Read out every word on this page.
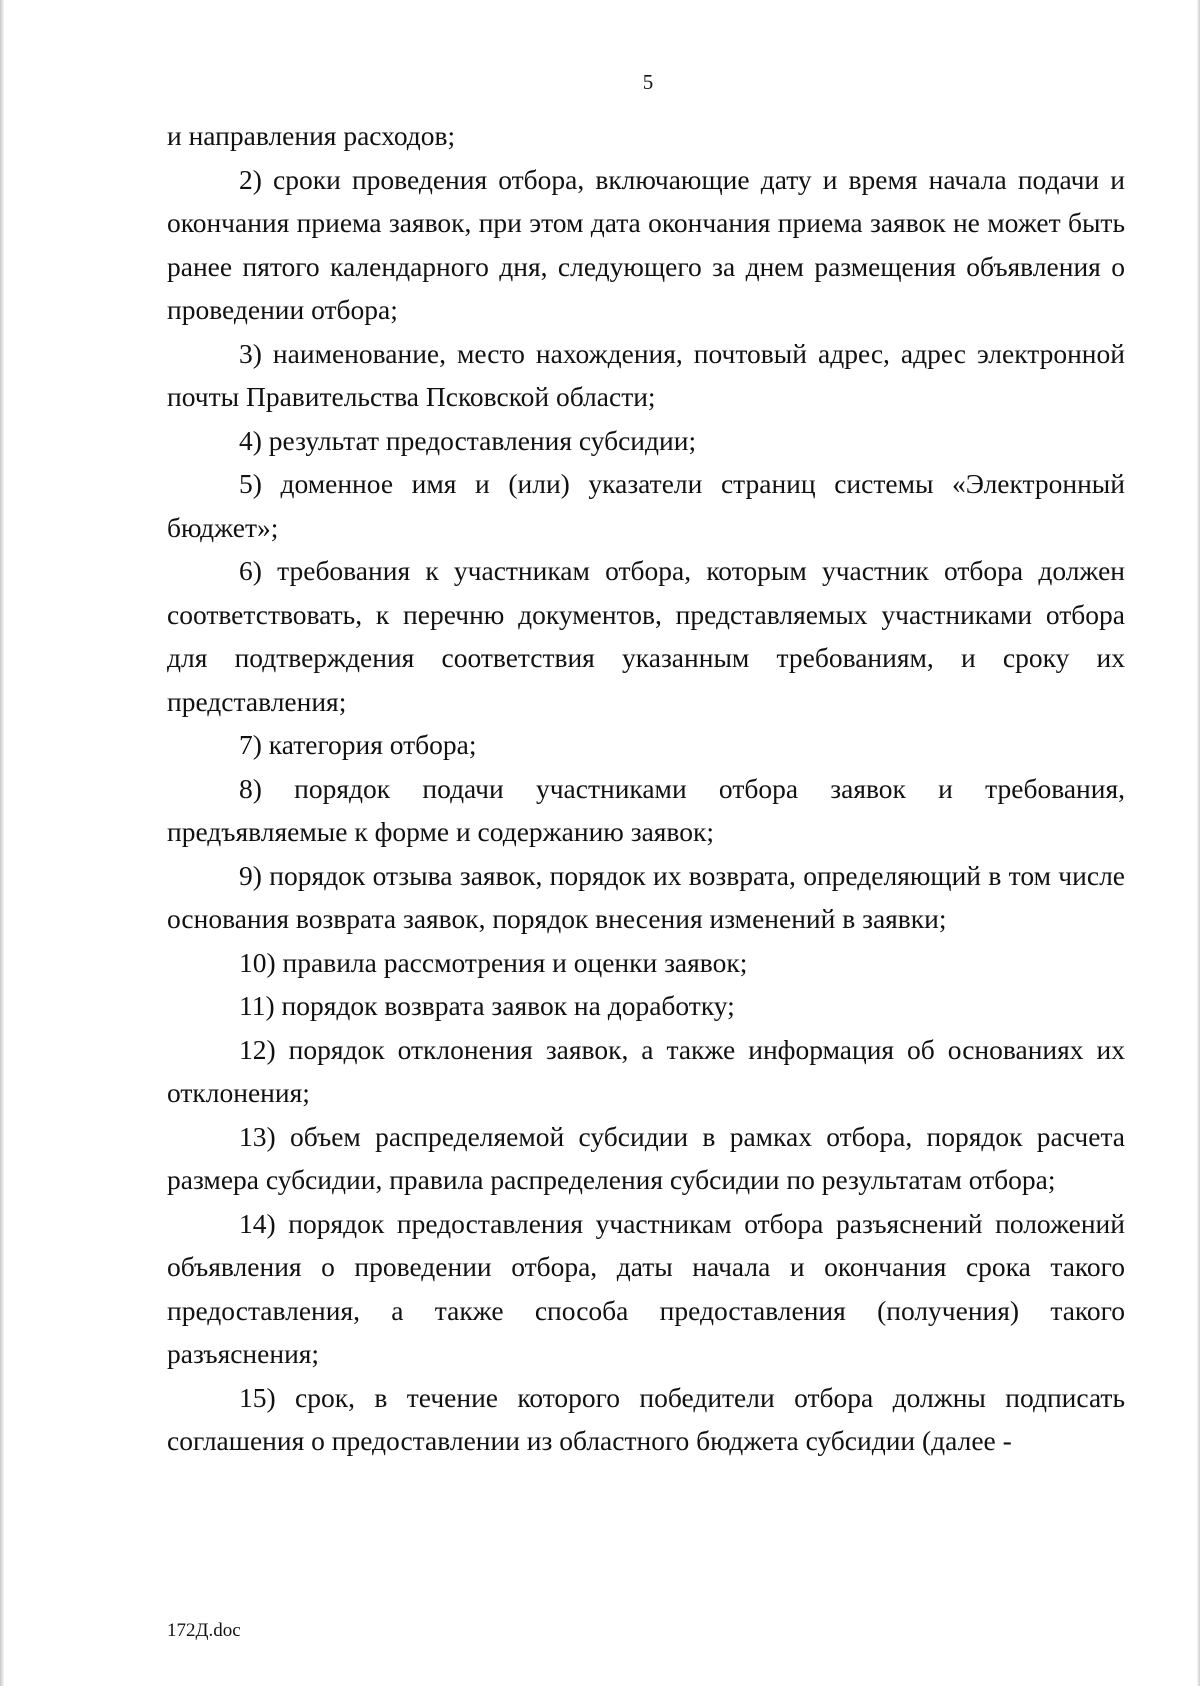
5

и направления расходов;

2) сроки проведения отбора, включающие дату и время начала подачи и окончания приема заявок, при этом дата окончания приема заявок не может быть ранее пятого календарного дня, следующего за днем размещения объявления о проведении отбора;

3) наименование, место нахождения, почтовый адрес, адрес электронной почты Правительства Псковской области;

4) результат предоставления субсидии;

5) доменное имя и (или) указатели страниц системы «Электронный бюджет»;

6) требования к участникам отбора, которым участник отбора должен соответствовать, к перечню документов, представляемых участниками отбора для подтверждения соответствия указанным требованиям, и сроку их представления;

7) категория отбора;

8) порядок подачи участниками отбора заявок и требования, предъявляемые к форме и содержанию заявок;

9) порядок отзыва заявок, порядок их возврата, определяющий в том числе основания возврата заявок, порядок внесения изменений в заявки;

10) правила рассмотрения и оценки заявок;

11) порядок возврата заявок на доработку;

12) порядок отклонения заявок, а также информация об основаниях их отклонения;

13) объем распределяемой субсидии в рамках отбора, порядок расчета размера субсидии, правила распределения субсидии по результатам отбора;

14) порядок предоставления участникам отбора разъяснений положений объявления о проведении отбора, даты начала и окончания срока такого предоставления, а также способа предоставления (получения) такого разъяснения;

15) срок, в течение которого победители отбора должны подписать соглашения о предоставлении из областного бюджета субсидии (далее -

172Д.doc
